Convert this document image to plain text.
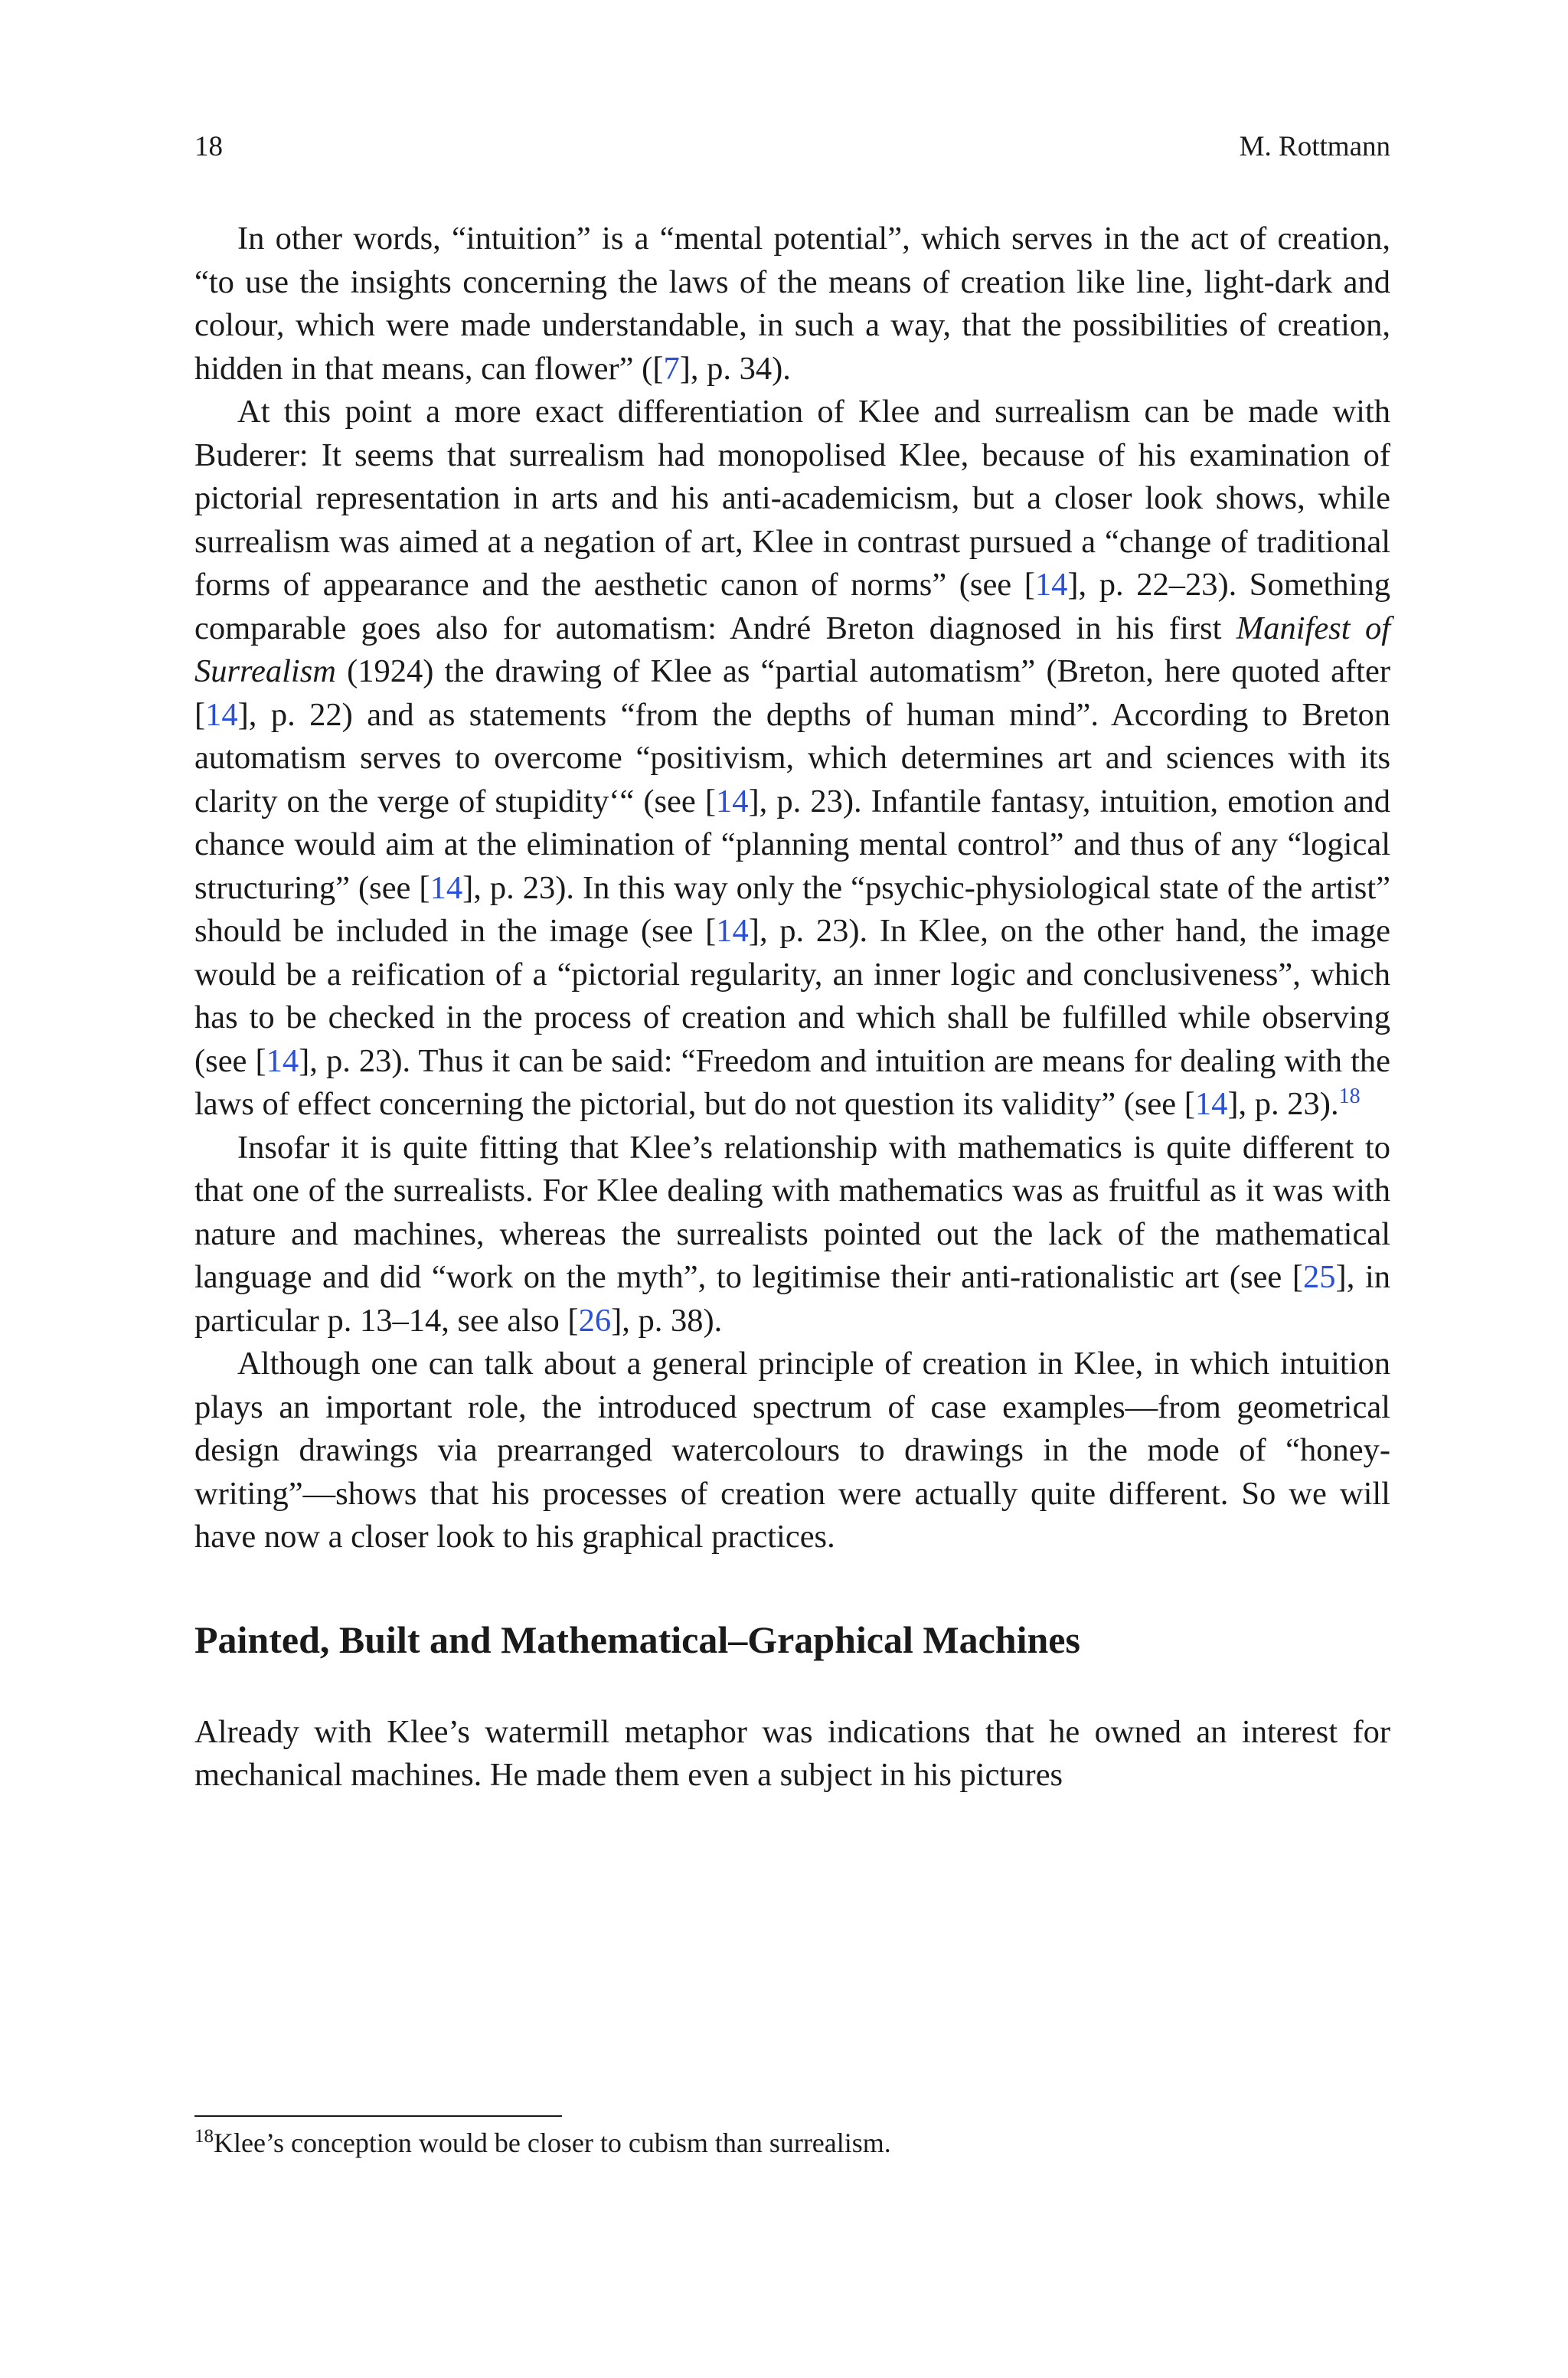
18	M. Rottmann

In other words, “intuition” is a “mental potential”, which serves in the act of creation, “to use the insights concerning the laws of the means of creation like line, light-dark and colour, which were made understandable, in such a way, that the possibilities of creation, hidden in that means, can flower” ([7], p. 34).

At this point a more exact differentiation of Klee and surrealism can be made with Buderer: It seems that surrealism had monopolised Klee, because of his examination of pictorial representation in arts and his anti-academicism, but a closer look shows, while surrealism was aimed at a negation of art, Klee in contrast pursued a “change of traditional forms of appearance and the aesthetic canon of norms” (see [14], p. 22–23). Something comparable goes also for automatism: André Breton diagnosed in his first Manifest of Surrealism (1924) the drawing of Klee as “partial automatism” (Breton, here quoted after [14], p. 22) and as statements “from the depths of human mind”. According to Breton automatism serves to overcome “positivism, which determines art and sciences with its clarity on the verge of stupidity‘“ (see [14], p. 23). Infantile fantasy, intuition, emotion and chance would aim at the elimination of “planning mental control” and thus of any “logical structuring” (see [14], p. 23). In this way only the “psychic-physiological state of the artist” should be included in the image (see [14], p. 23). In Klee, on the other hand, the image would be a reification of a “pictorial regularity, an inner logic and conclusiveness”, which has to be checked in the process of creation and which shall be fulfilled while observing (see [14], p. 23). Thus it can be said: “Freedom and intuition are means for dealing with the laws of effect concerning the pictorial, but do not question its validity” (see [14], p. 23).$^{18}$

Insofar it is quite fitting that Klee’s relationship with mathematics is quite different to that one of the surrealists. For Klee dealing with mathematics was as fruitful as it was with nature and machines, whereas the surrealists pointed out the lack of the mathematical language and did “work on the myth”, to legitimise their anti-rationalistic art (see [25], in particular p. 13–14, see also [26], p. 38).

Although one can talk about a general principle of creation in Klee, in which intuition plays an important role, the introduced spectrum of case examples—from geometrical design drawings via prearranged watercolours to drawings in the mode of “honey-writing”—shows that his processes of creation were actually quite different. So we will have now a closer look to his graphical practices.

Painted, Built and Mathematical–Graphical Machines

Already with Klee’s watermill metaphor was indications that he owned an interest for mechanical machines. He made them even a subject in his pictures

$^{18}$Klee’s conception would be closer to cubism than surrealism.
